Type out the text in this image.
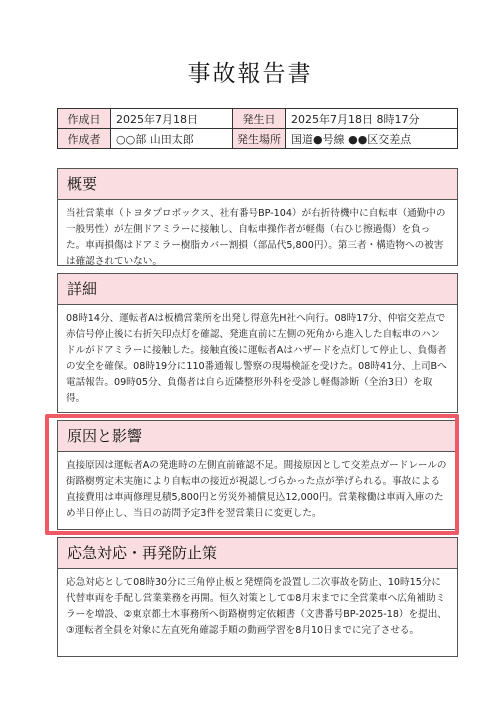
事故報告書
作成日	2025年7月18日	発生日	2025年7月18日 8時17分
作成者	○○部 山田太郎	発生場所	国道●号線 ●●区交差点
概要
当社営業車（トヨタプロボックス、社有番号BP-104）が右折待機中に自転車（通勤中の一般男性）が左側ドアミラーに接触し、自転車操作者が軽傷（右ひじ擦過傷）を負った。車両損傷はドアミラー樹脂カバー割損（部品代5,800円）。第三者・構造物への被害は確認されていない。
詳細
08時14分、運転者Aは板橋営業所を出発し得意先H社へ向行。08時17分、仲宿交差点で赤信号停止後に右折矢印点灯を確認、発進直前に左側の死角から進入した自転車のハンドルがドアミラーに接触した。接触直後に運転者Aはハザードを点灯して停止し、負傷者の安全を確保。08時19分に110番通報し警察の現場検証を受けた。08時41分、上司Bへ電話報告。09時05分、負傷者は自ら近隣整形外科を受診し軽傷診断（全治3日）を取得。
原因と影響
直接原因は運転者Aの発進時の左側直前確認不足。間接原因として交差点ガードレールの街路樹剪定未実施により自転車の接近が視認しづらかった点が挙げられる。事故による直接費用は車両修理見積5,800円と労災外補償見込12,000円。営業稼働は車両入庫のため半日停止し、当日の訪問予定3件を翌営業日に変更した。
応急対応・再発防止策
応急対応として08時30分に三角停止板と発煙筒を設置し二次事故を防止、10時15分に代替車両を手配し営業業務を再開。恒久対策として①8月末までに全営業車へ広角補助ミラーを増設、②東京都土木事務所へ街路樹剪定依頼書（文書番号BP-2025-18）を提出、③運転者全員を対象に左直死角確認手順の動画学習を8月10日までに完了させる。
